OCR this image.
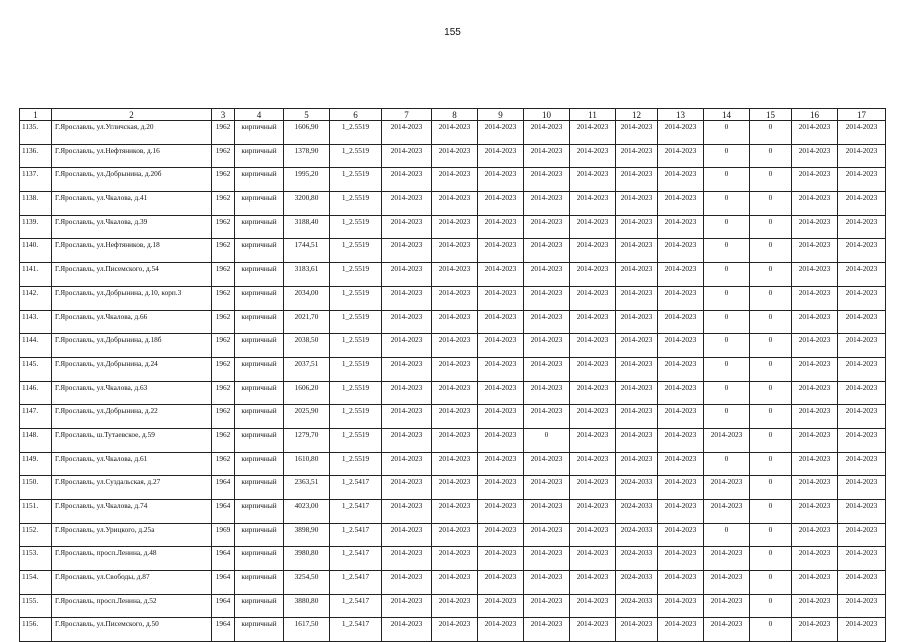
155
1	2	3	4	5	6	7	8	9	10	11	12	13	14	15	16	17
1135.	Г.Ярославль, ул.Угличская, д.20	1962	кирпичный	1606,90	1_2.5519	2014-2023	2014-2023	2014-2023	2014-2023	2014-2023	2014-2023	2014-2023	0	0	2014-2023	2014-2023
1136.	Г.Ярославль, ул.Нефтяников, д.16	1962	кирпичный	1378,90	1_2.5519	2014-2023	2014-2023	2014-2023	2014-2023	2014-2023	2014-2023	2014-2023	0	0	2014-2023	2014-2023
1137.	Г.Ярославль, ул.Добрынина, д.20б	1962	кирпичный	1995,20	1_2.5519	2014-2023	2014-2023	2014-2023	2014-2023	2014-2023	2014-2023	2014-2023	0	0	2014-2023	2014-2023
1138.	Г.Ярославль, ул.Чкалова, д.41	1962	кирпичный	3200,80	1_2.5519	2014-2023	2014-2023	2014-2023	2014-2023	2014-2023	2014-2023	2014-2023	0	0	2014-2023	2014-2023
1139.	Г.Ярославль, ул.Чкалова, д.39	1962	кирпичный	3188,40	1_2.5519	2014-2023	2014-2023	2014-2023	2014-2023	2014-2023	2014-2023	2014-2023	0	0	2014-2023	2014-2023
1140.	Г.Ярославль, ул.Нефтяников, д.18	1962	кирпичный	1744,51	1_2.5519	2014-2023	2014-2023	2014-2023	2014-2023	2014-2023	2014-2023	2014-2023	0	0	2014-2023	2014-2023
1141.	Г.Ярославль, ул.Писемского, д.54	1962	кирпичный	3183,61	1_2.5519	2014-2023	2014-2023	2014-2023	2014-2023	2014-2023	2014-2023	2014-2023	0	0	2014-2023	2014-2023
1142.	Г.Ярославль, ул.Добрынина, д.10, корп.3	1962	кирпичный	2034,00	1_2.5519	2014-2023	2014-2023	2014-2023	2014-2023	2014-2023	2014-2023	2014-2023	0	0	2014-2023	2014-2023
1143.	Г.Ярославль, ул.Чкалова, д.66	1962	кирпичный	2021,70	1_2.5519	2014-2023	2014-2023	2014-2023	2014-2023	2014-2023	2014-2023	2014-2023	0	0	2014-2023	2014-2023
1144.	Г.Ярославль, ул.Добрынина, д.18б	1962	кирпичный	2038,50	1_2.5519	2014-2023	2014-2023	2014-2023	2014-2023	2014-2023	2014-2023	2014-2023	0	0	2014-2023	2014-2023
1145.	Г.Ярославль, ул.Добрынина, д.24	1962	кирпичный	2037,51	1_2.5519	2014-2023	2014-2023	2014-2023	2014-2023	2014-2023	2014-2023	2014-2023	0	0	2014-2023	2014-2023
1146.	Г.Ярославль, ул.Чкалова, д.63	1962	кирпичный	1606,20	1_2.5519	2014-2023	2014-2023	2014-2023	2014-2023	2014-2023	2014-2023	2014-2023	0	0	2014-2023	2014-2023
1147.	Г.Ярославль, ул.Добрынина, д.22	1962	кирпичный	2025,90	1_2.5519	2014-2023	2014-2023	2014-2023	2014-2023	2014-2023	2014-2023	2014-2023	0	0	2014-2023	2014-2023
1148.	Г.Ярославль, ш.Тутаевское, д.59	1962	кирпичный	1279,70	1_2.5519	2014-2023	2014-2023	2014-2023	0	2014-2023	2014-2023	2014-2023	2014-2023	0	2014-2023	2014-2023
1149.	Г.Ярославль, ул.Чкалова, д.61	1962	кирпичный	1610,80	1_2.5519	2014-2023	2014-2023	2014-2023	2014-2023	2014-2023	2014-2023	2014-2023	0	0	2014-2023	2014-2023
1150.	Г.Ярославль, ул.Суздальская, д.27	1964	кирпичный	2363,51	1_2.5417	2014-2023	2014-2023	2014-2023	2014-2023	2014-2023	2024-2033	2014-2023	2014-2023	0	2014-2023	2014-2023
1151.	Г.Ярославль, ул.Чкалова, д.74	1964	кирпичный	4023,00	1_2.5417	2014-2023	2014-2023	2014-2023	2014-2023	2014-2023	2024-2033	2014-2023	2014-2023	0	2014-2023	2014-2023
1152.	Г.Ярославль, ул.Урицкого, д.25а	1969	кирпичный	3898,90	1_2.5417	2014-2023	2014-2023	2014-2023	2014-2023	2014-2023	2024-2033	2014-2023	0	0	2014-2023	2014-2023
1153.	Г.Ярославль, просп.Ленина, д.48	1964	кирпичный	3980,80	1_2.5417	2014-2023	2014-2023	2014-2023	2014-2023	2014-2023	2024-2033	2014-2023	2014-2023	0	2014-2023	2014-2023
1154.	Г.Ярославль, ул.Свободы, д.87	1964	кирпичный	3254,50	1_2.5417	2014-2023	2014-2023	2014-2023	2014-2023	2014-2023	2024-2033	2014-2023	2014-2023	0	2014-2023	2014-2023
1155.	Г.Ярославль, просп.Ленина, д.52	1964	кирпичный	3880,80	1_2.5417	2014-2023	2014-2023	2014-2023	2014-2023	2014-2023	2024-2033	2014-2023	2014-2023	0	2014-2023	2014-2023
1156.	Г.Ярославль, ул.Писемского, д.50	1964	кирпичный	1617,50	1_2.5417	2014-2023	2014-2023	2014-2023	2014-2023	2014-2023	2014-2023	2014-2023	2014-2023	0	2014-2023	2014-2023
